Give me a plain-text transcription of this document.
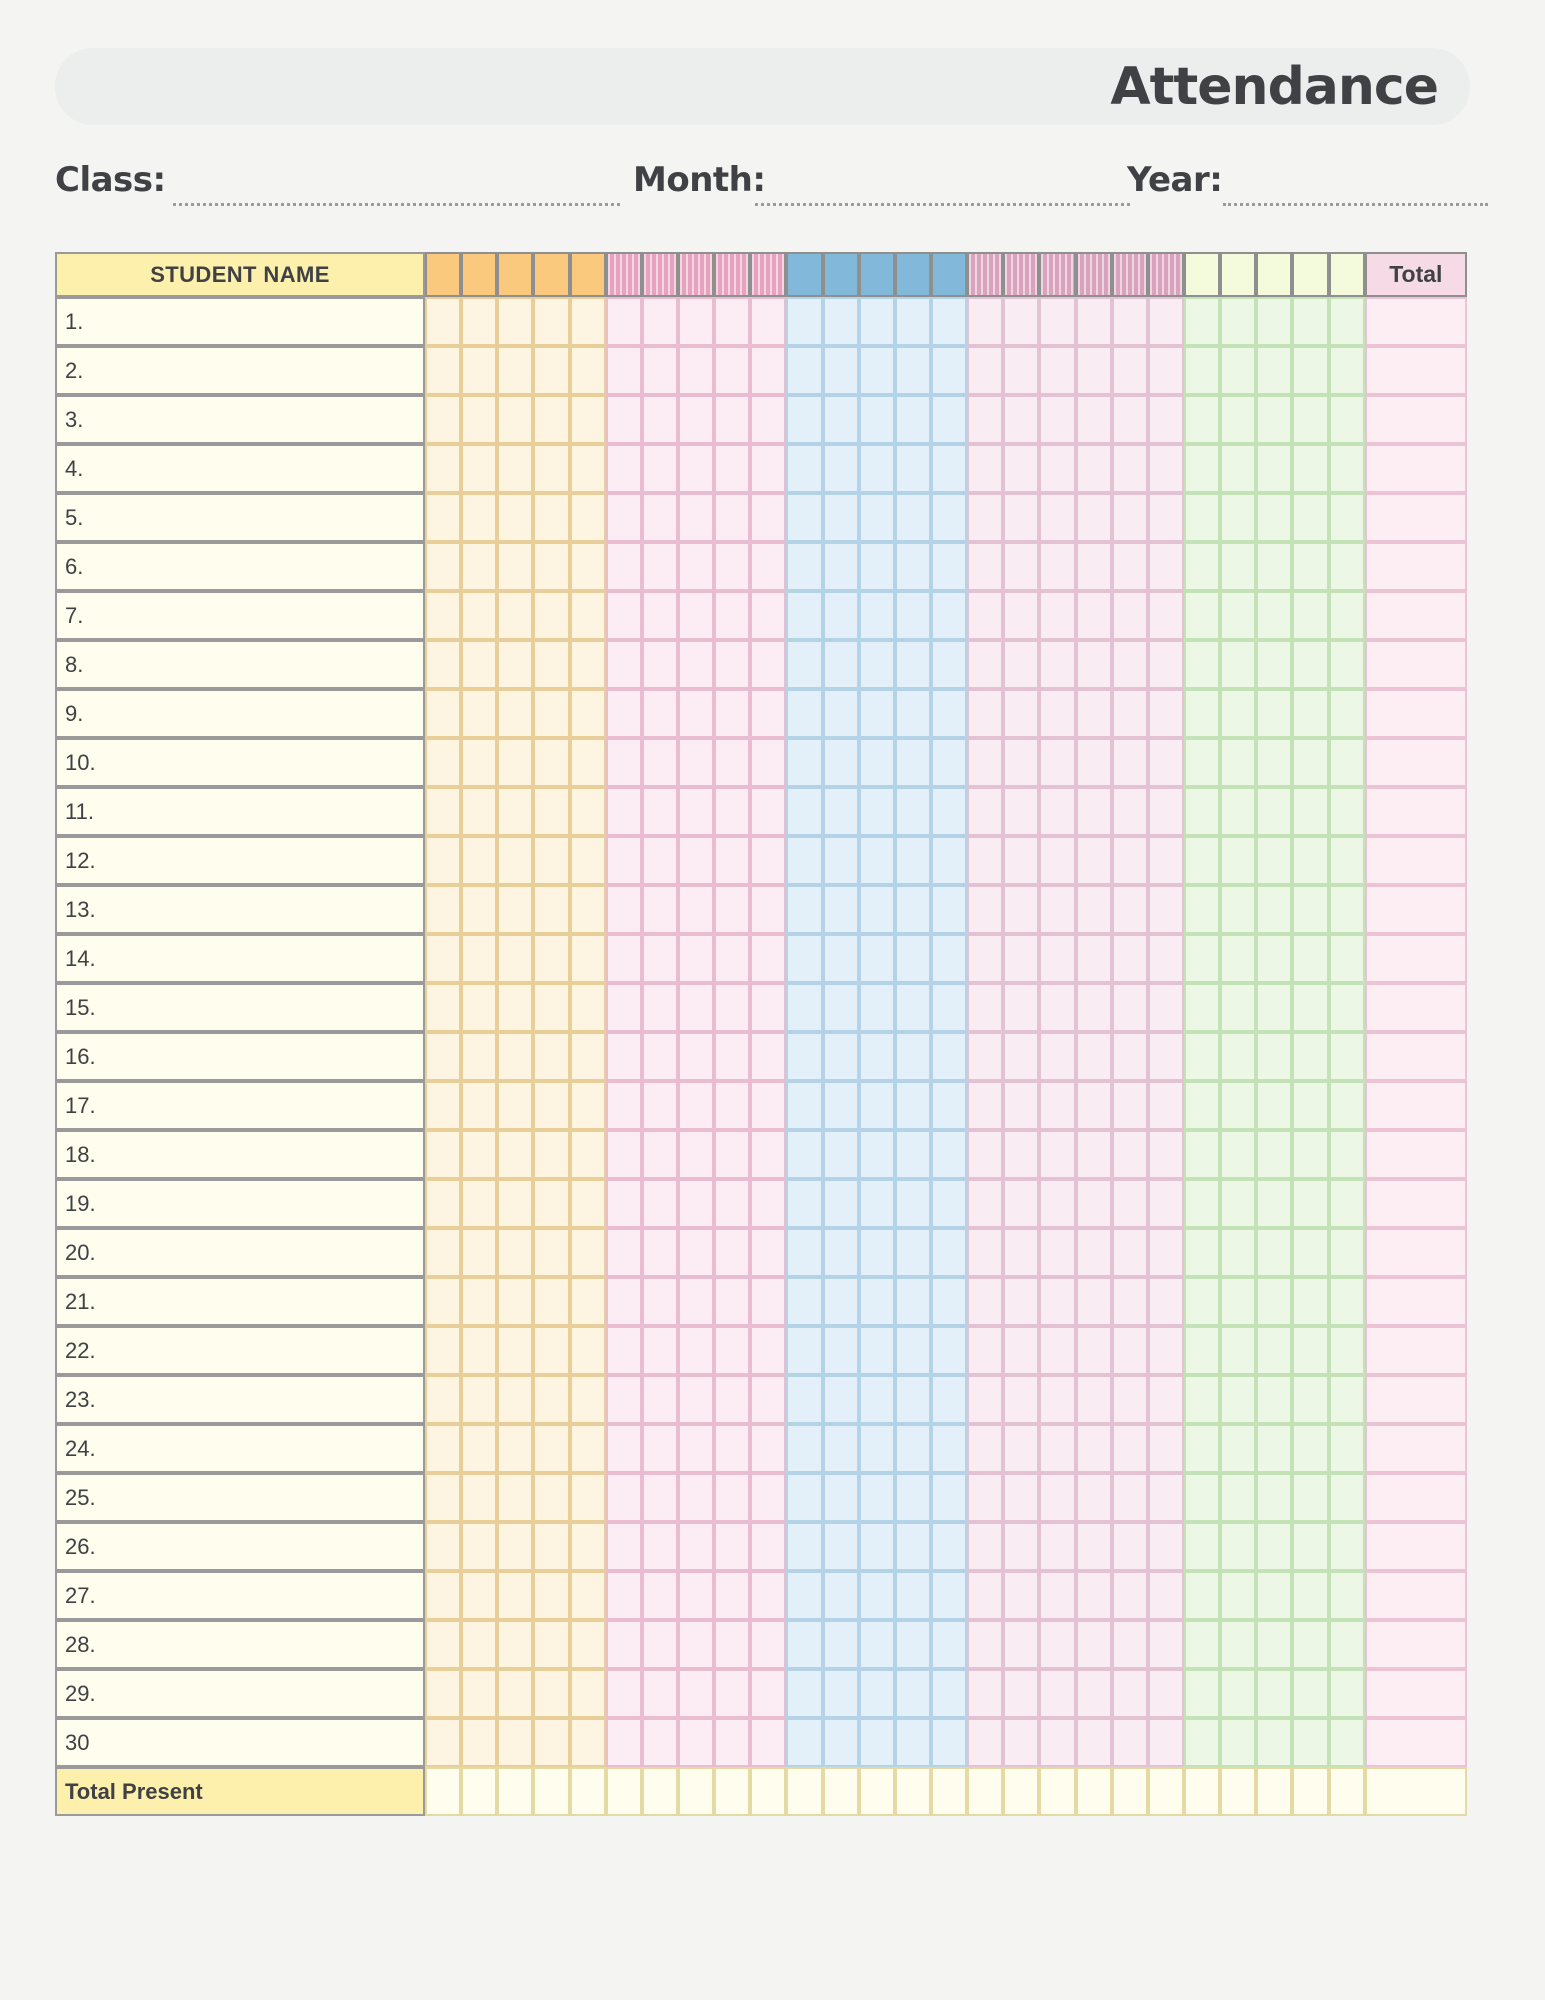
Attendance
Class:	Month:	Year:
STUDENT NAME																											Total
1.																											
2.																											
3.																											
4.																											
5.																											
6.																											
7.																											
8.																											
9.																											
10.																											
11.																											
12.																											
13.																											
14.																											
15.																											
16.																											
17.																											
18.																											
19.																											
20.																											
21.																											
22.																											
23.																											
24.																											
25.																											
26.																											
27.																											
28.																											
29.																											
30																											
Total Present																											
